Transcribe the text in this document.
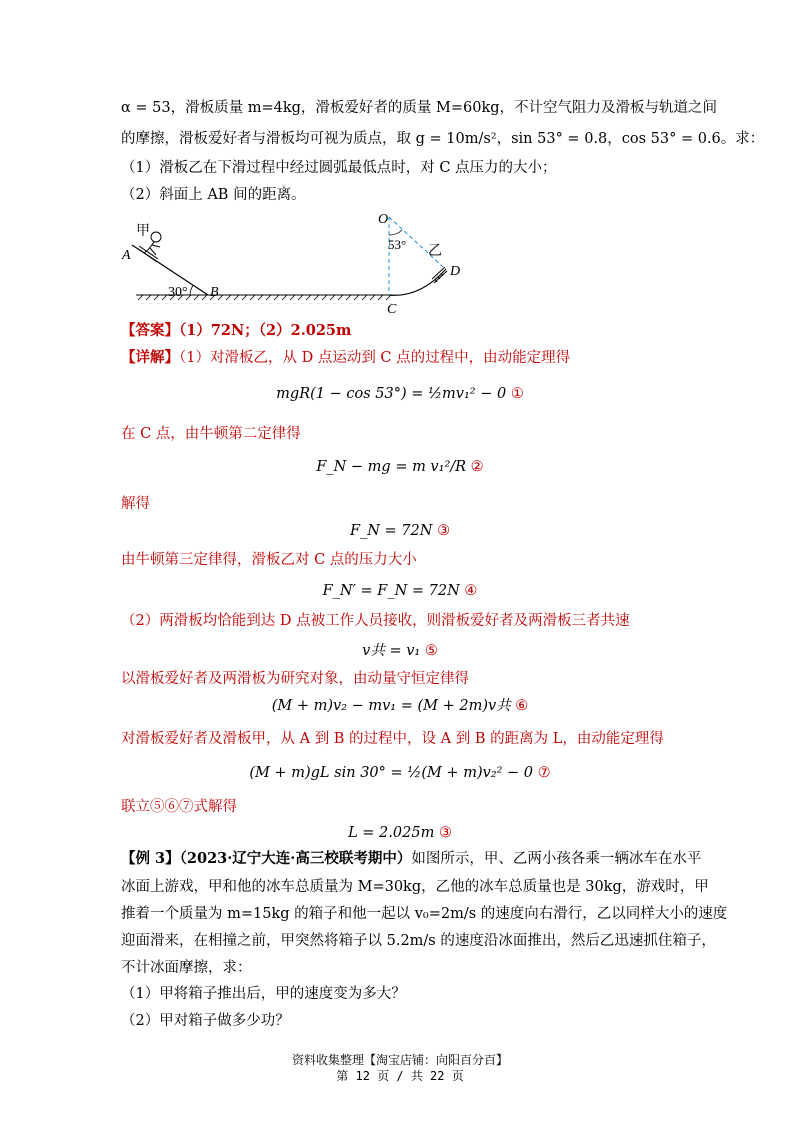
α = 53，滑板质量 m=4kg，滑板爱好者的质量 M=60kg，不计空气阻力及滑板与轨道之间
的摩擦，滑板爱好者与滑板均可视为质点，取 g = 10m/s²，sin 53° = 0.8，cos 53° = 0.6。求：
（1）滑板乙在下滑过程中经过圆弧最低点时，对 C 点压力的大小；
（2）斜面上 AB 间的距离。
甲
A
B
30°
O
53° 乙
D
C
【答案】（1）72N；（2）2.025m
【详解】（1）对滑板乙，从 D 点运动到 C 点的过程中，由动能定理得
mgR(1 − cos 53°) = ½mv₁² − 0 ①
在 C 点，由牛顿第二定律得
F_N − mg = m v₁²/R ②
解得
F_N = 72N ③
由牛顿第三定律得，滑板乙对 C 点的压力大小
F_N′ = F_N = 72N ④
（2）两滑板均恰能到达 D 点被工作人员接收，则滑板爱好者及两滑板三者共速
v共 = v₁ ⑤
以滑板爱好者及两滑板为研究对象，由动量守恒定律得
(M + m)v₂ − mv₁ = (M + 2m)v共 ⑥
对滑板爱好者及滑板甲，从 A 到 B 的过程中，设 A 到 B 的距离为 L，由动能定理得
(M + m)gL sin 30° = ½(M + m)v₂² − 0 ⑦
联立⑤⑥⑦式解得
L = 2.025m ③
【例 3】（2023·辽宁大连·高三校联考期中）如图所示，甲、乙两小孩各乘一辆冰车在水平
冰面上游戏，甲和他的冰车总质量为 M=30kg，乙他的冰车总质量也是 30kg，游戏时，甲
推着一个质量为 m=15kg 的箱子和他一起以 v₀=2m/s 的速度向右滑行，乙以同样大小的速度
迎面滑来，在相撞之前，甲突然将箱子以 5.2m/s 的速度沿冰面推出，然后乙迅速抓住箱子，
不计冰面摩擦，求：
（1）甲将箱子推出后，甲的速度变为多大？
（2）甲对箱子做多少功？
资料收集整理【淘宝店铺：向阳百分百】
第 12 页 / 共 22 页
